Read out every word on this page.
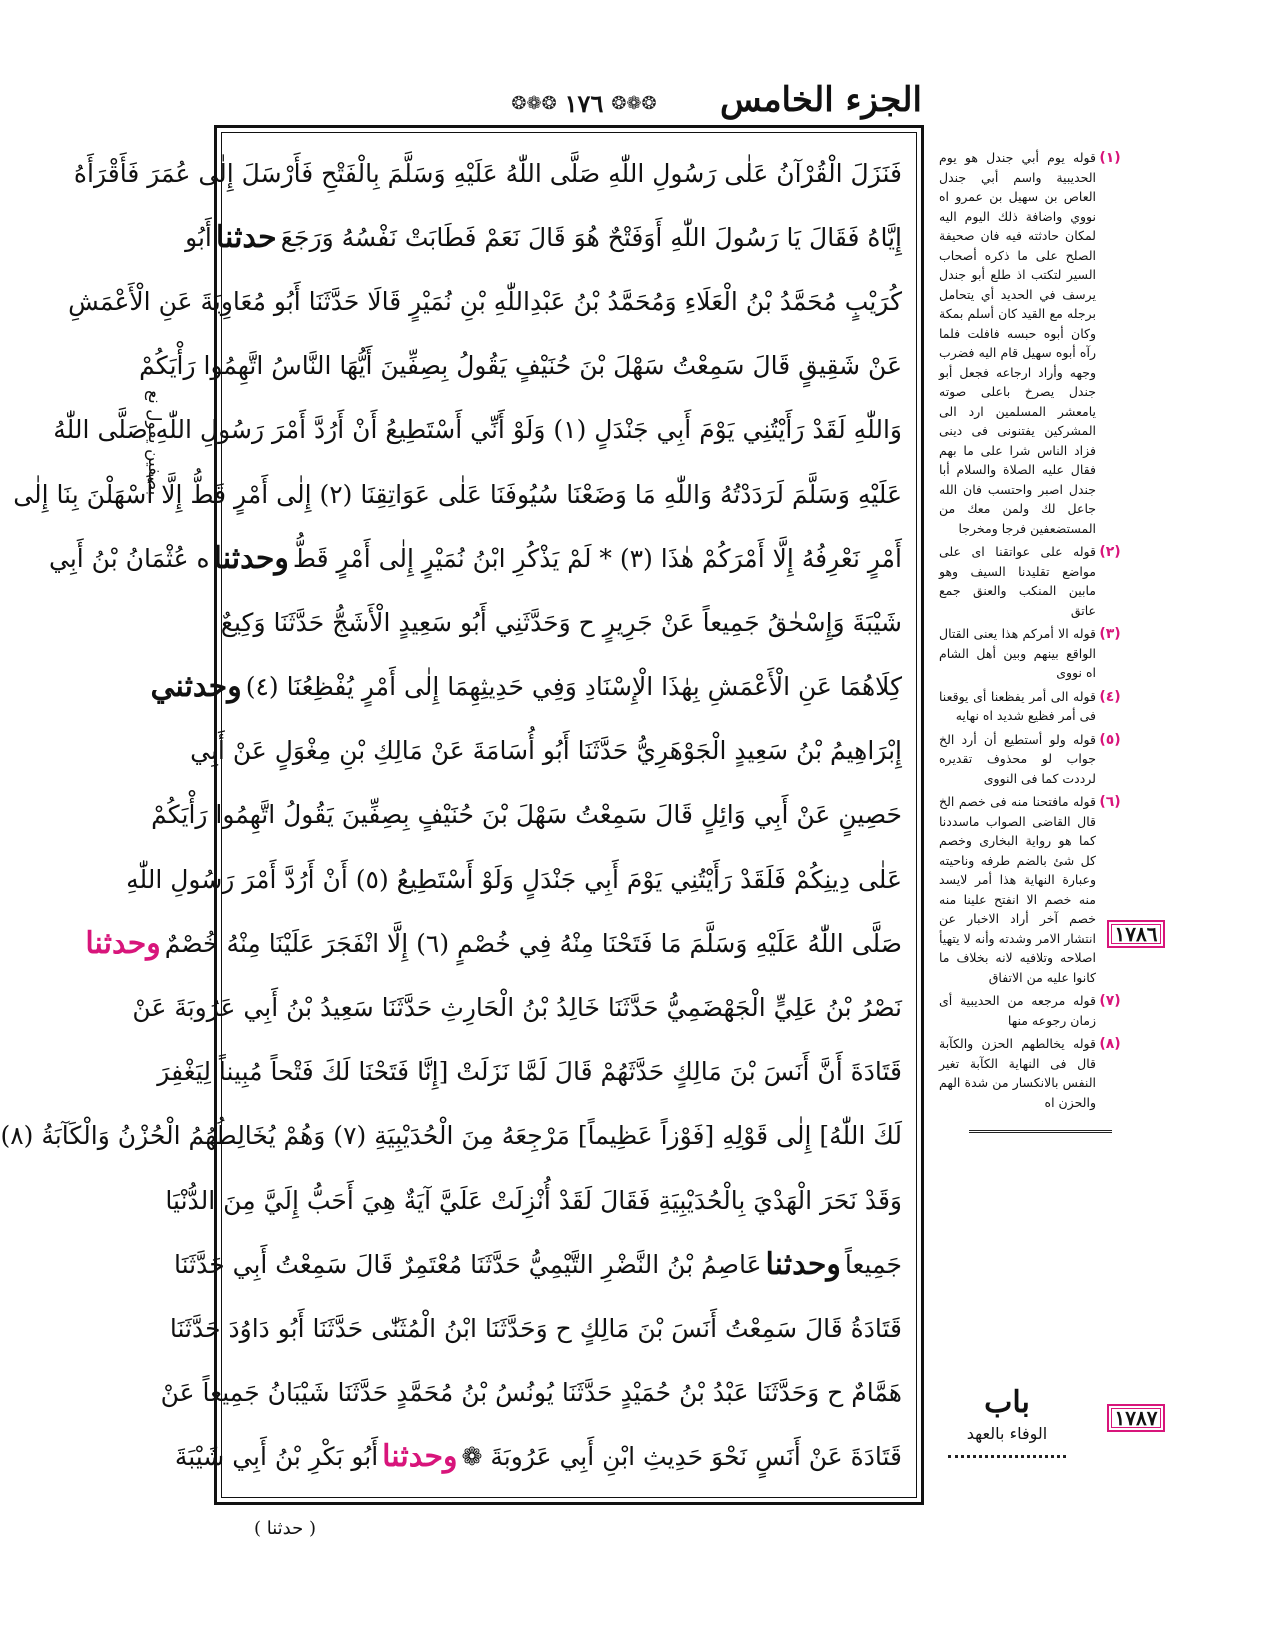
الجزء الخامس
❂❁❂ ١٧٦ ❂❁❂
بصفين يقول نع
فَنَزَلَ الْقُرْآنُ عَلٰى رَسُولِ اللّٰهِ صَلَّى اللّٰهُ عَلَيْهِ وَسَلَّمَ بِالْفَتْحِ فَأَرْسَلَ إِلٰى عُمَرَ فَأَقْرَأَهُ
إِيَّاهُ فَقَالَ يَا رَسُولَ اللّٰهِ أَوَفَتْحٌ هُوَ قَالَ نَعَمْ فَطَابَتْ نَفْسُهُ وَرَجَعَ
حدثنا
أَبُو
كُرَيْبٍ مُحَمَّدُ بْنُ الْعَلَاءِ وَمُحَمَّدُ بْنُ عَبْدِاللّٰهِ بْنِ نُمَيْرٍ قَالَا حَدَّثَنَا أَبُو مُعَاوِيَةَ عَنِ الْأَعْمَشِ
عَنْ شَقِيقٍ قَالَ سَمِعْتُ سَهْلَ بْنَ حُنَيْفٍ يَقُولُ بِصِفِّينَ أَيُّهَا النَّاسُ اتَّهِمُوا رَأْيَكُمْ
وَاللّٰهِ لَقَدْ رَأَيْتُنِي يَوْمَ أَبِي جَنْدَلٍ (١) وَلَوْ أَنِّي أَسْتَطِيعُ أَنْ أَرُدَّ أَمْرَ رَسُولِ اللّٰهِ صَلَّى اللّٰهُ
عَلَيْهِ وَسَلَّمَ لَرَدَدْتُهُ وَاللّٰهِ مَا وَضَعْنَا سُيُوفَنَا عَلٰى عَوَاتِقِنَا (٢) إِلٰى أَمْرٍ قَطُّ إِلَّا أَسْهَلْنَ بِنَا إِلٰى
أَمْرٍ نَعْرِفُهُ إِلَّا أَمْرَكُمْ هٰذَا (٣) * لَمْ يَذْكُرِ ابْنُ نُمَيْرٍ إِلٰى أَمْرٍ قَطُّ
وحدثنا
ه عُثْمَانُ بْنُ أَبِي
شَيْبَةَ وَإِسْحٰقُ جَمِيعاً عَنْ جَرِيرٍ ح وَحَدَّثَنِي أَبُو سَعِيدٍ الْأَشَجُّ حَدَّثَنَا وَكِيعٌ
كِلَاهُمَا عَنِ الْأَعْمَشِ بِهٰذَا الْإِسْنَادِ وَفِي حَدِيثِهِمَا إِلٰى أَمْرٍ يُفْظِعُنَا (٤)
وحدثني
إِبْرَاهِيمُ بْنُ سَعِيدٍ الْجَوْهَرِيُّ حَدَّثَنَا أَبُو أُسَامَةَ عَنْ مَالِكِ بْنِ مِغْوَلٍ عَنْ أَبِي
حَصِينٍ عَنْ أَبِي وَائِلٍ قَالَ سَمِعْتُ سَهْلَ بْنَ حُنَيْفٍ بِصِفِّينَ يَقُولُ اتَّهِمُوا رَأْيَكُمْ
عَلٰى دِينِكُمْ فَلَقَدْ رَأَيْتُنِي يَوْمَ أَبِي جَنْدَلٍ وَلَوْ أَسْتَطِيعُ (٥) أَنْ أَرُدَّ أَمْرَ رَسُولِ اللّٰهِ
صَلَّى اللّٰهُ عَلَيْهِ وَسَلَّمَ مَا فَتَحْنَا مِنْهُ فِي خُصْمٍ (٦) إِلَّا انْفَجَرَ عَلَيْنَا مِنْهُ خُصْمٌ
وحدثنا
نَصْرُ بْنُ عَلِيٍّ الْجَهْضَمِيُّ حَدَّثَنَا خَالِدُ بْنُ الْحَارِثِ حَدَّثَنَا سَعِيدُ بْنُ أَبِي عَرُوبَةَ عَنْ
قَتَادَةَ أَنَّ أَنَسَ بْنَ مَالِكٍ حَدَّثَهُمْ قَالَ لَمَّا نَزَلَتْ [إِنَّا فَتَحْنَا لَكَ فَتْحاً مُبِيناً لِيَغْفِرَ
لَكَ اللّٰهُ] إِلٰى قَوْلِهِ [فَوْزاً عَظِيماً] مَرْجِعَهُ مِنَ الْحُدَيْبِيَةِ (٧) وَهُمْ يُخَالِطُهُمُ الْحُزْنُ وَالْكَآبَةُ (٨)
وَقَدْ نَحَرَ الْهَدْيَ بِالْحُدَيْبِيَةِ فَقَالَ لَقَدْ أُنْزِلَتْ عَلَيَّ آيَةٌ هِيَ أَحَبُّ إِلَيَّ مِنَ الدُّنْيَا
جَمِيعاً
وحدثنا
عَاصِمُ بْنُ النَّضْرِ التَّيْمِيُّ حَدَّثَنَا مُعْتَمِرٌ قَالَ سَمِعْتُ أَبِي حَدَّثَنَا
قَتَادَةُ قَالَ سَمِعْتُ أَنَسَ بْنَ مَالِكٍ ح وَحَدَّثَنَا ابْنُ الْمُثَنّٰى حَدَّثَنَا أَبُو دَاوُدَ حَدَّثَنَا
هَمَّامٌ ح وَحَدَّثَنَا عَبْدُ بْنُ حُمَيْدٍ حَدَّثَنَا يُونُسُ بْنُ مُحَمَّدٍ حَدَّثَنَا شَيْبَانُ جَمِيعاً عَنْ
قَتَادَةَ عَنْ أَنَسٍ نَحْوَ حَدِيثِ ابْنِ أَبِي عَرُوبَةَ ❁
وحدثنا
أَبُو بَكْرِ بْنُ أَبِي شَيْبَةَ
(١)
قوله يوم أبي جندل هو يوم الحديبية واسم أبي جندل العاص بن سهيل بن عمرو اه نووي واضافة ذلك اليوم اليه لمكان حادثته فيه فان صحيفة الصلح على ما ذكره أصحاب السير لتكتب اذ طلع أبو جندل يرسف في الحديد أي يتحامل برجله مع القيد كان أسلم بمكة وكان أبوه حبسه فافلت فلما رآه أبوه سهيل قام اليه فضرب وجهه وأراد ارجاعه فجعل أبو جندل يصرخ باعلى صوته يامعشر المسلمين ارد الى المشركين يفتنونى فى دينى فزاد الناس شرا على ما بهم فقال عليه الصلاة والسلام أبا جندل اصبر واحتسب فان الله جاعل لك ولمن معك من المستضعفين فرجا ومخرجا
(٢)
قوله على عواتقنا اى على مواضع تقليدنا السيف وهو مابين المنكب والعنق جمع عاتق
(٣)
قوله الا أمركم هذا يعنى القتال الواقع بينهم وبين أهل الشام اه نووى
(٤)
قوله الى أمر يفظعنا أى يوقعنا فى أمر فظيع شديد اه نهايه
(٥)
قوله ولو أستطيع أن أرد الخ جواب لو محذوف تقديره لرددت كما فى النووى
(٦)
قوله مافتحنا منه فى خصم الخ قال القاضى الصواب ماسددنا كما هو رواية البخارى وخصم كل شئ بالضم طرفه وناحيته وعبارة النهاية هذا أمر لايسد منه خصم الا انفتح علينا منه خصم آخر أراد الاخبار عن انتشار الامر وشدته وأنه لا يتهيأ اصلاحه وتلافيه لانه بخلاف ما كانوا عليه من الاتفاق
(٧)
قوله مرجعه من الحديبية أى زمان رجوعه منها
(٨)
قوله يخالطهم الحزن والكآبة قال فى النهاية الكآبة تغير النفس بالانكسار من شدة الهم والحزن اه
١٧٨٦
١٧٨٧
باب
الوفاء بالعهد
( حدثنا )
